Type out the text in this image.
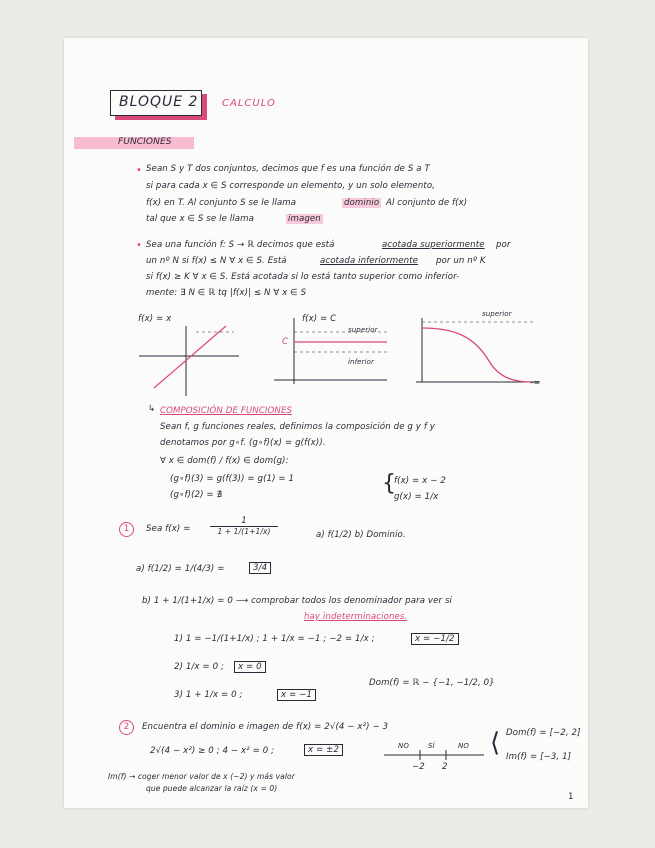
BLOQUE 2 CALCULO
FUNCIONES
• Sean S y T dos conjuntos, decimos que f es una función de S a T
si para cada x ∈ S corresponde un elemento, y un solo elemento,
f(x) en T. Al conjunto S se le llama	dominio Al conjunto de f(x)
tal que x ∈ S se le llama	imagen
• Sea una función f: S → ℝ decimos que está	acotada superiormente por
un nº N si f(x) ≤ N ∀ x ∈ S. Está	acotada inferiormente por un nº K
si f(x) ≥ K ∀ x ∈ S. Está acotada si lo está tanto superior como inferior-
mente: ∃ N ∈ ℝ tq |f(x)| ≤ N ∀ x ∈ S
f(x) = x	f(x) = C
C
superior
inferior
superior
-∞
↳ COMPOSICIÓN DE FUNCIONES
Sean f, g funciones reales, definimos la composición de g y f y
denotamos por g∘f. (g∘f)(x) = g(f(x)).
∀ x ∈ dom(f) / f(x) ∈ dom(g):
(g∘f)(3) = g(f(3)) = g(1) = 1
(g∘f)(2) = ∄	{
f(x) = x − 2
g(x) = 1/x
1	Sea $f(x) = \frac{1}{1 + 1/(1+1/x)}$	a) f(1/2) b) Dominio.
a) f(1/2) = 1/(4/3) =	3/4
b) 1 + 1/(1+1/x) = 0 ⟶ comprobar todos los denominador para ver si
hay indeterminaciones.
1) 1 = −1/(1+1/x) ; 1 + 1/x = −1 ; −2 = 1/x ;	x = −1/2
2) 1/x = 0 ;	x = 0
3) 1 + 1/x = 0 ;	x = −1
Dom(f) = ℝ − {−1, −1/2, 0}
2	Encuentra el dominio e imagen de f(x) = 2√(4 − x²) − 3
2√(4 − x²) ≥ 0 ; 4 − x² = 0 ;	x = ±2	NO	SÍ	NO
−2 2
⟨ Dom(f) = [−2, 2]
Im(f) = [−3, 1]
Im(f) → coger menor valor de x (−2) y más valor
que puede alcanzar la raíz (x = 0)
1
